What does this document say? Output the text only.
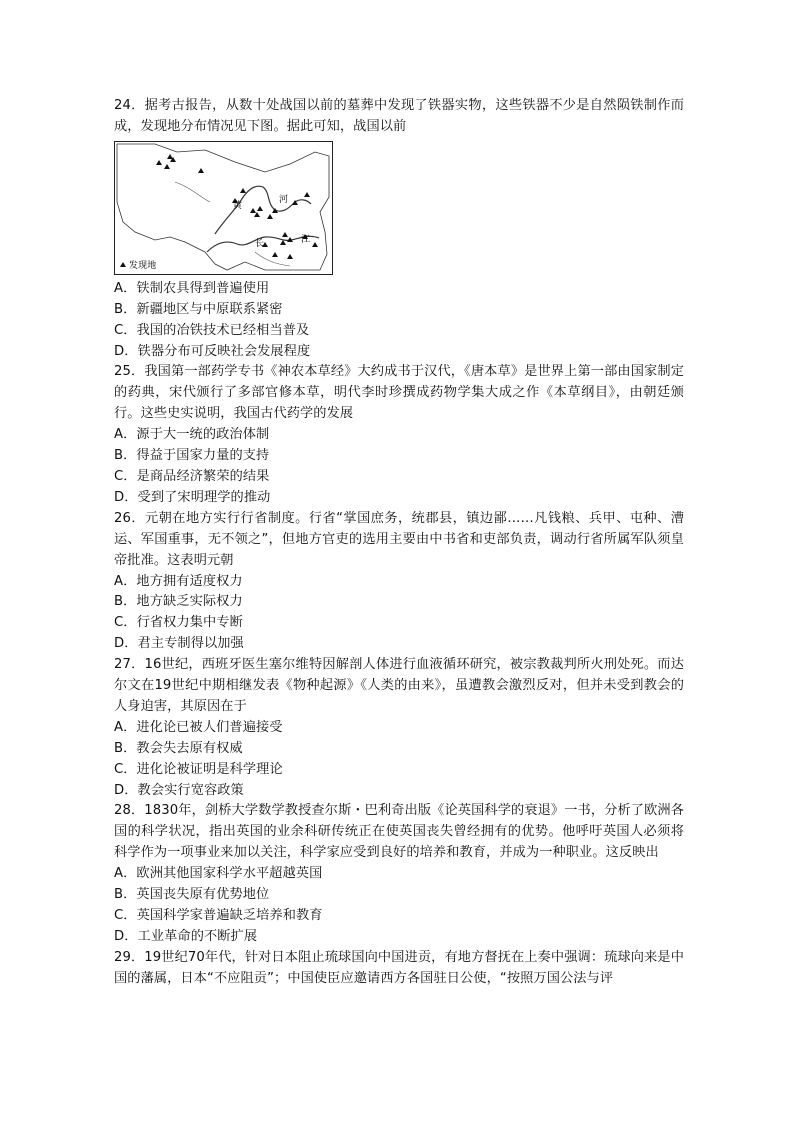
24．据考古报告，从数十处战国以前的墓葬中发现了铁器实物，这些铁器不少是自然陨铁制作而成，发现地分布情况见下图。据此可知，战国以前

黄
河
长	江
发现地

A．铁制农具得到普遍使用

B．新疆地区与中原联系紧密

C．我国的冶铁技术已经相当普及

D．铁器分布可反映社会发展程度

25．我国第一部药学专书《神农本草经》大约成书于汉代，《唐本草》是世界上第一部由国家制定的药典，宋代颁行了多部官修本草，明代李时珍撰成药物学集大成之作《本草纲目》，由朝廷颁行。这些史实说明，我国古代药学的发展

A．源于大一统的政治体制

B．得益于国家力量的支持

C．是商品经济繁荣的结果

D．受到了宋明理学的推动

26．元朝在地方实行行省制度。行省“掌国庶务，统郡县，镇边鄙……凡钱粮、兵甲、屯种、漕运、军国重事，无不领之”，但地方官吏的选用主要由中书省和吏部负责，调动行省所属军队须皇帝批准。这表明元朝

A．地方拥有适度权力

B．地方缺乏实际权力

C．行省权力集中专断

D．君主专制得以加强

27．16世纪，西班牙医生塞尔维特因解剖人体进行血液循环研究，被宗教裁判所火刑处死。而达尔文在19世纪中期相继发表《物种起源》《人类的由来》，虽遭教会激烈反对，但并未受到教会的人身迫害，其原因在于

A．进化论已被人们普遍接受

B．教会失去原有权威

C．进化论被证明是科学理论

D．教会实行宽容政策

28．1830年，剑桥大学数学教授查尔斯・巴利奇出版《论英国科学的衰退》一书，分析了欧洲各国的科学状况，指出英国的业余科研传统正在使英国丧失曾经拥有的优势。他呼吁英国人必须将科学作为一项事业来加以关注，科学家应受到良好的培养和教育，并成为一种职业。这反映出

A．欧洲其他国家科学水平超越英国

B．英国丧失原有优势地位

C．英国科学家普遍缺乏培养和教育

D．工业革命的不断扩展

29．19世纪70年代，针对日本阻止琉球国向中国进贡，有地方督抚在上奏中强调：琉球向来是中国的藩属，日本“不应阻贡”；中国使臣应邀请西方各国驻日公使，“按照万国公法与评
